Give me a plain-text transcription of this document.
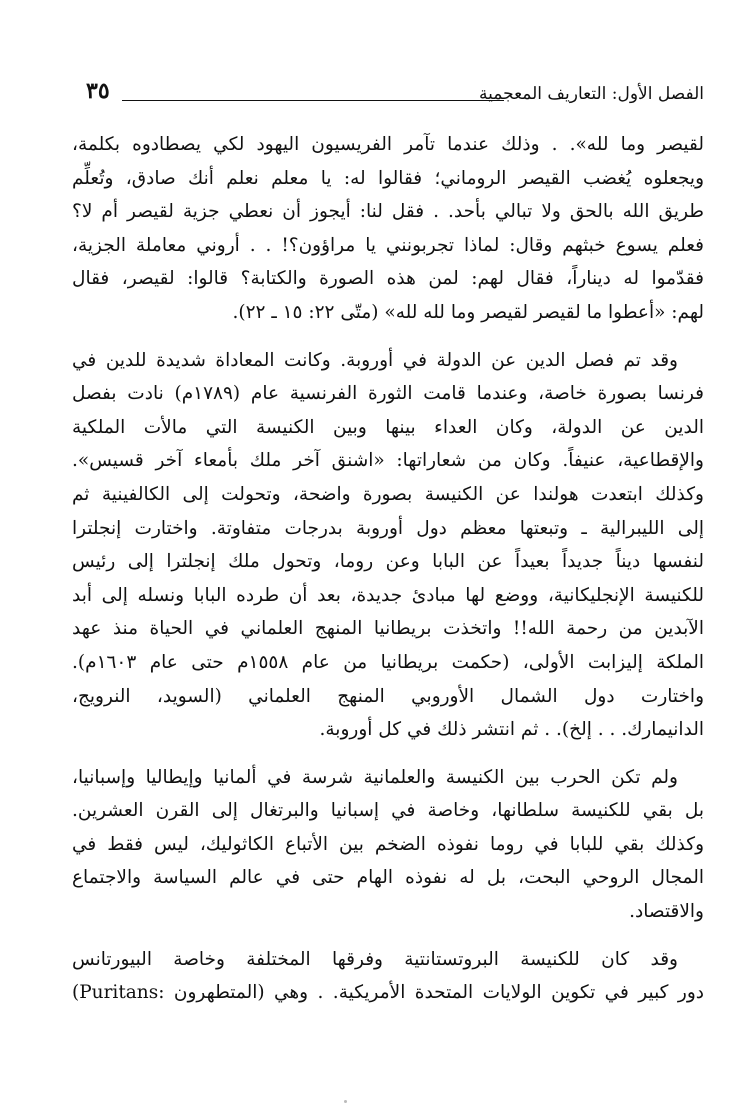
الفصل الأول: التعاريف المعجمية
٣٥
لقيصر وما لله». . وذلك عندما تآمر الفريسيون اليهود لكي يصطادوه بكلمة،
ويجعلوه يُغضب القيصر الروماني؛ فقالوا له: يا معلم نعلم أنك صادق، وتُعلِّم
طريق الله بالحق ولا تبالي بأحد. . فقل لنا: أيجوز أن نعطي جزية لقيصر أم لا؟
فعلم يسوع خبثهم وقال: لماذا تجربونني يا مراؤون؟! . . أروني معاملة الجزية،
فقدّموا له ديناراً، فقال لهم: لمن هذه الصورة والكتابة؟ قالوا: لقيصر، فقال
لهم: «أعطوا ما لقيصر لقيصر وما لله لله» (متّى ٢٢: ١٥ ـ ٢٢).
وقد تم فصل الدين عن الدولة في أوروبة. وكانت المعاداة شديدة للدين في
فرنسا بصورة خاصة، وعندما قامت الثورة الفرنسية عام (١٧٨٩م) نادت بفصل
الدين عن الدولة، وكان العداء بينها وبين الكنيسة التي مالأت الملكية
والإقطاعية، عنيفاً. وكان من شعاراتها: «اشنق آخر ملك بأمعاء آخر قسيس».
وكذلك ابتعدت هولندا عن الكنيسة بصورة واضحة، وتحولت إلى الكالفينية ثم
إلى الليبرالية ـ وتبعتها معظم دول أوروبة بدرجات متفاوتة. واختارت إنجلترا
لنفسها ديناً جديداً بعيداً عن البابا وعن روما، وتحول ملك إنجلترا إلى رئيس
للكنيسة الإنجليكانية، ووضع لها مبادئ جديدة، بعد أن طرده البابا ونسله إلى أبد
الآبدين من رحمة الله!! واتخذت بريطانيا المنهج العلماني في الحياة منذ عهد
الملكة إليزابت الأولى، (حكمت بريطانيا من عام ١٥٥٨م حتى عام ١٦٠٣م).
واختارت دول الشمال الأوروبي المنهج العلماني (السويد، النرويج،
الدانيمارك. . . إلخ). . ثم انتشر ذلك في كل أوروبة.
ولم تكن الحرب بين الكنيسة والعلمانية شرسة في ألمانيا وإيطاليا وإسبانيا،
بل بقي للكنيسة سلطانها، وخاصة في إسبانيا والبرتغال إلى القرن العشرين.
وكذلك بقي للبابا في روما نفوذه الضخم بين الأتباع الكاثوليك، ليس فقط في
المجال الروحي البحت، بل له نفوذه الهام حتى في عالم السياسة والاجتماع
والاقتصاد.
وقد كان للكنيسة البروتستانتية وفرقها المختلفة وخاصة البيورتانس
(Puritans: المتطهرون) دور كبير في تكوين الولايات المتحدة الأمريكية. . وهي
